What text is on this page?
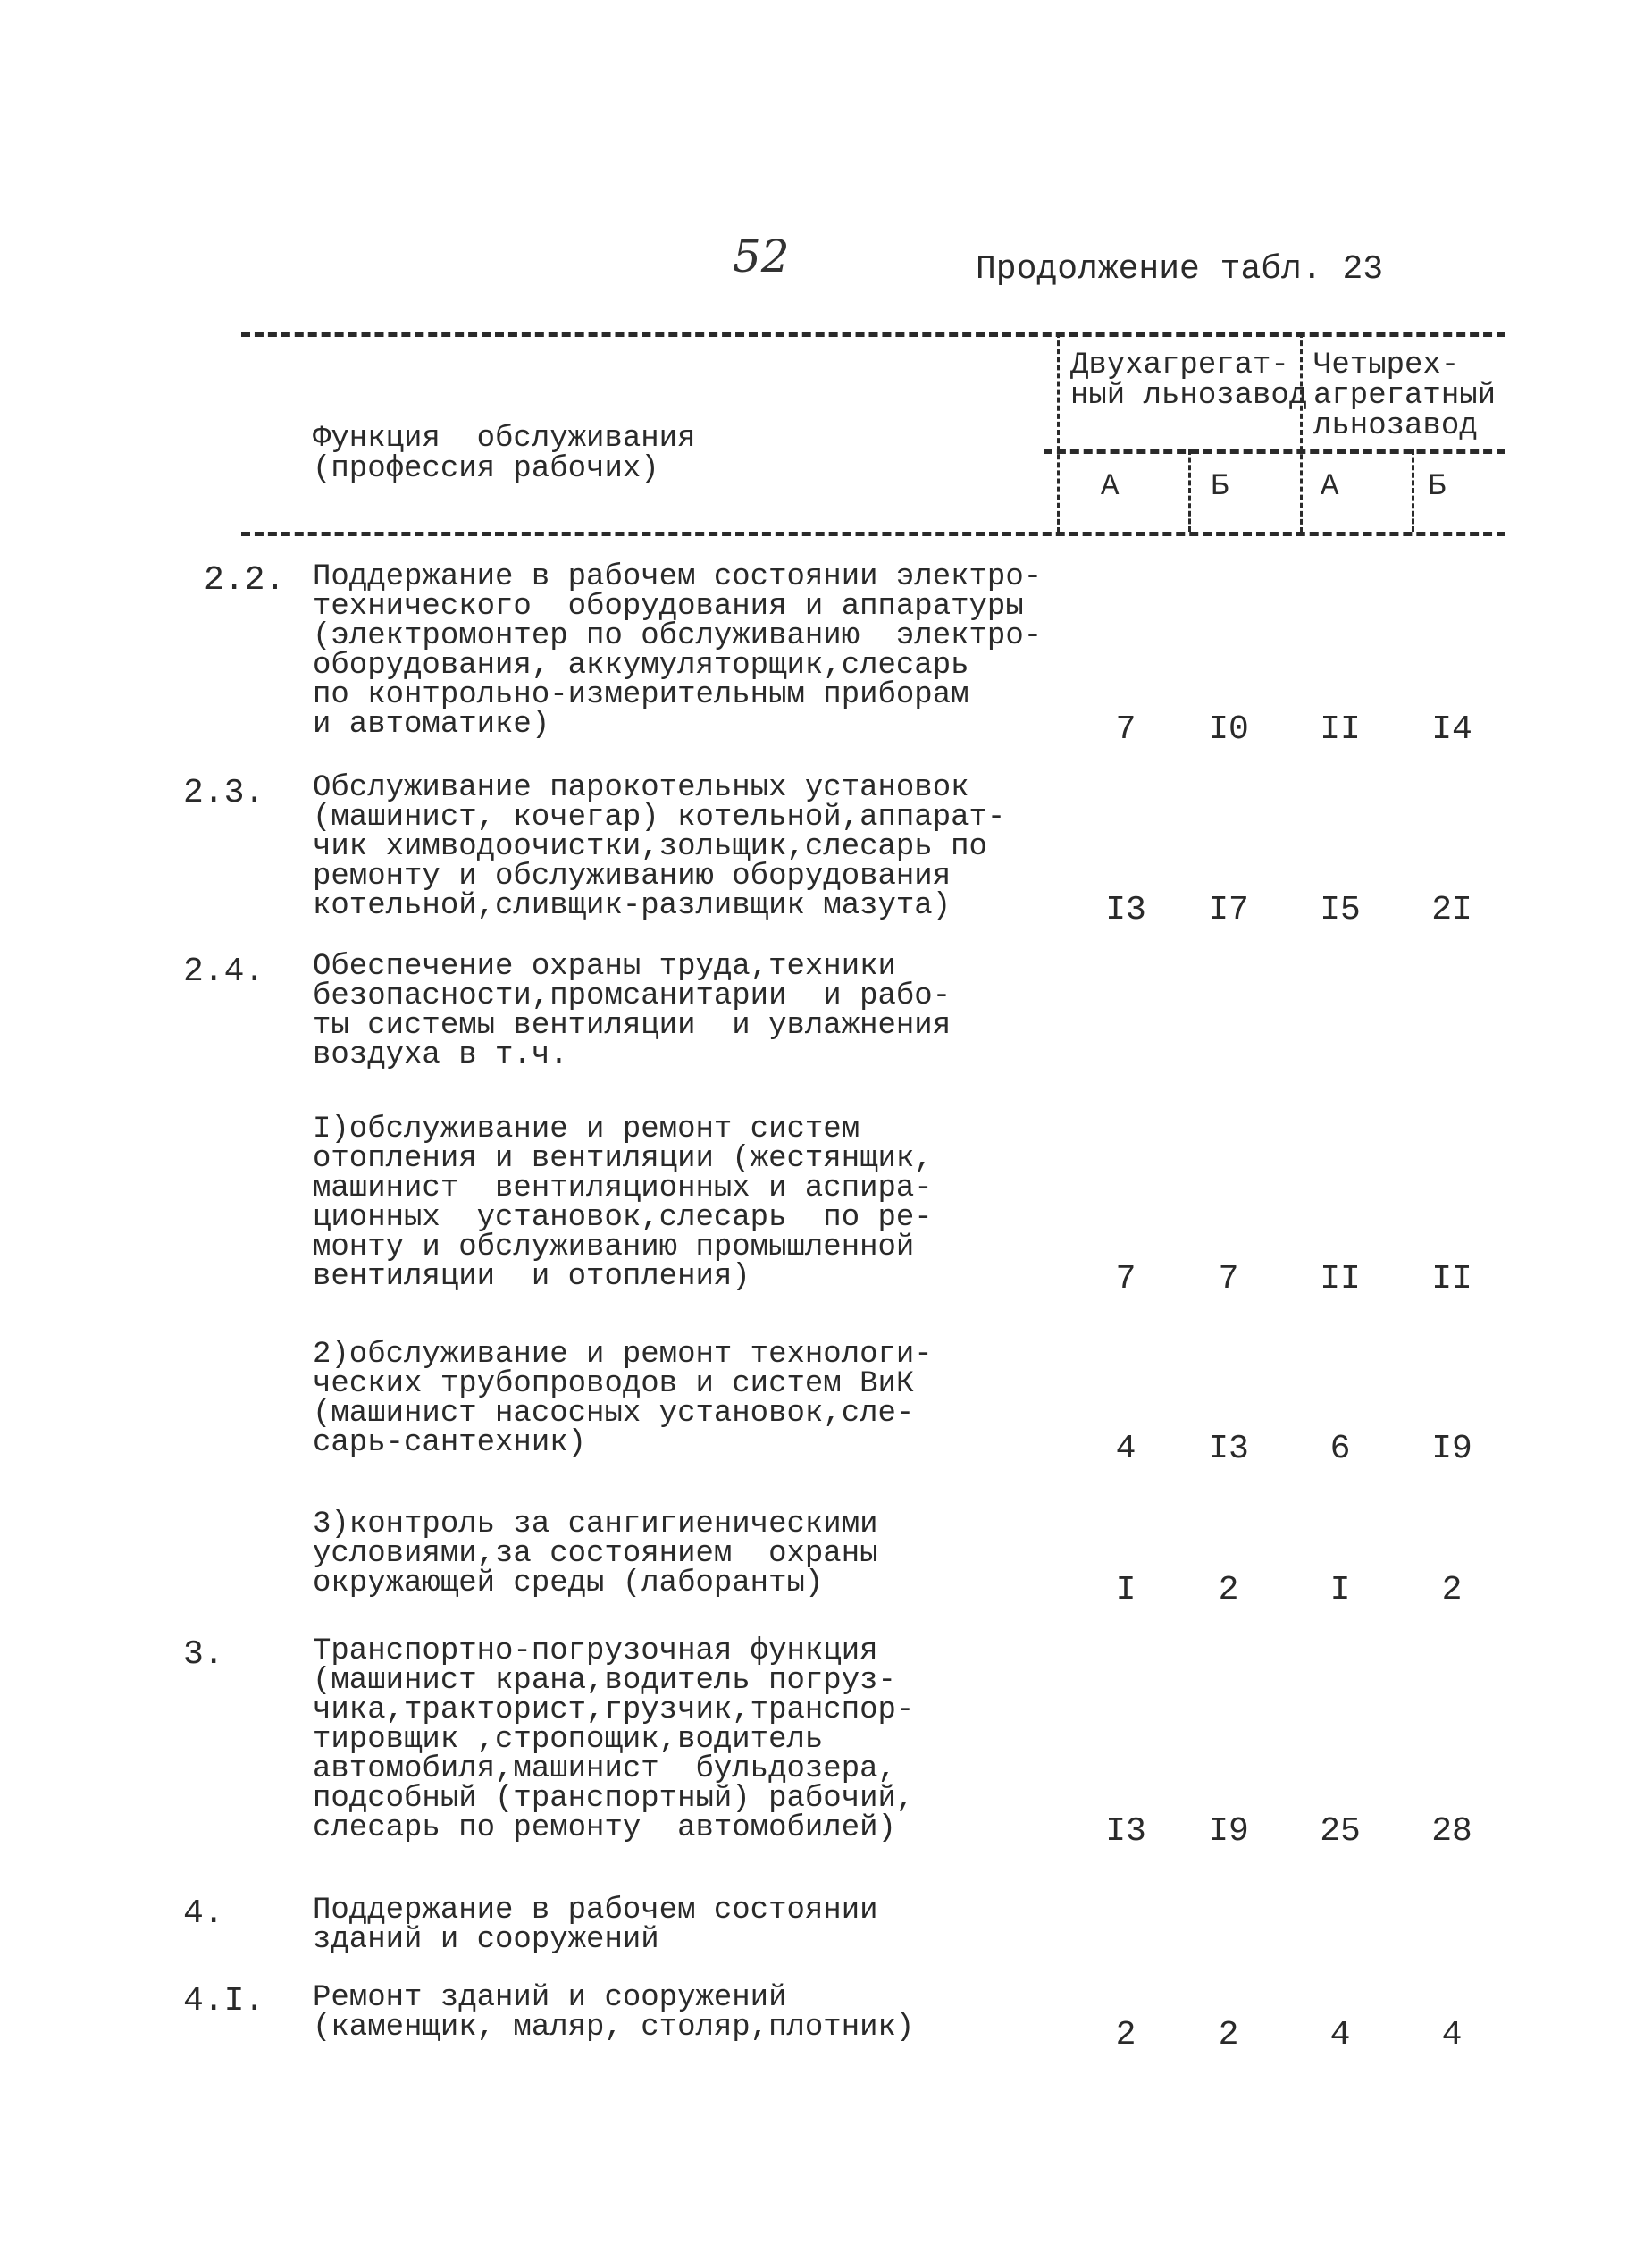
52	Продолжение табл. 23
Функция  обслуживания
(профессия рабочих)
Двухагрегат-
ный льнозавод
Четырех-
агрегатный
льнозавод
А	Б	А	Б
2.2. Поддержание в рабочем состоянии электро-
технического  оборудования и аппаратуры
(электромонтер по обслуживанию  электро-
оборудования, аккумуляторщик,слесарь
по контрольно-измерительным приборам
и автоматике)	7	I0	II	I4
2.3. Обслуживание парокотельных установок
(машинист, кочегар) котельной,аппарат-
чик химводоочистки,зольщик,слесарь по
ремонту и обслуживанию оборудования
котельной,сливщик-разливщик мазута)	I3	I7	I5	2I
2.4. Обеспечение охраны труда,техники
безопасности,промсанитарии  и рабо-
ты системы вентиляции  и увлажнения
воздуха в т.ч.
I)обслуживание и ремонт систем
отопления и вентиляции (жестянщик,
машинист  вентиляционных и аспира-
ционных  установок,слесарь  по ре-
монту и обслуживанию промышленной
вентиляции  и отопления)	7	7	II	II
2)обслуживание и ремонт технологи-
ческих трубопроводов и систем ВиК
(машинист насосных установок,сле-
сарь-сантехник)	4	I3	6	I9
3)контроль за сангигиеническими
условиями,за состоянием  охраны
окружающей среды (лаборанты)	I	2	I	2
3.	Транспортно-погрузочная функция
(машинист крана,водитель погруз-
чика,тракторист,грузчик,транспор-
тировщик ,стропощик,водитель
автомобиля,машинист  бульдозера,
подсобный (транспортный) рабочий,
слесарь по ремонту  автомобилей)	I3	I9	25	28
4.	Поддержание в рабочем состоянии
зданий и сооружений
4.I. Ремонт зданий и сооружений
(каменщик, маляр, столяр,плотник)	2	2	4	4
